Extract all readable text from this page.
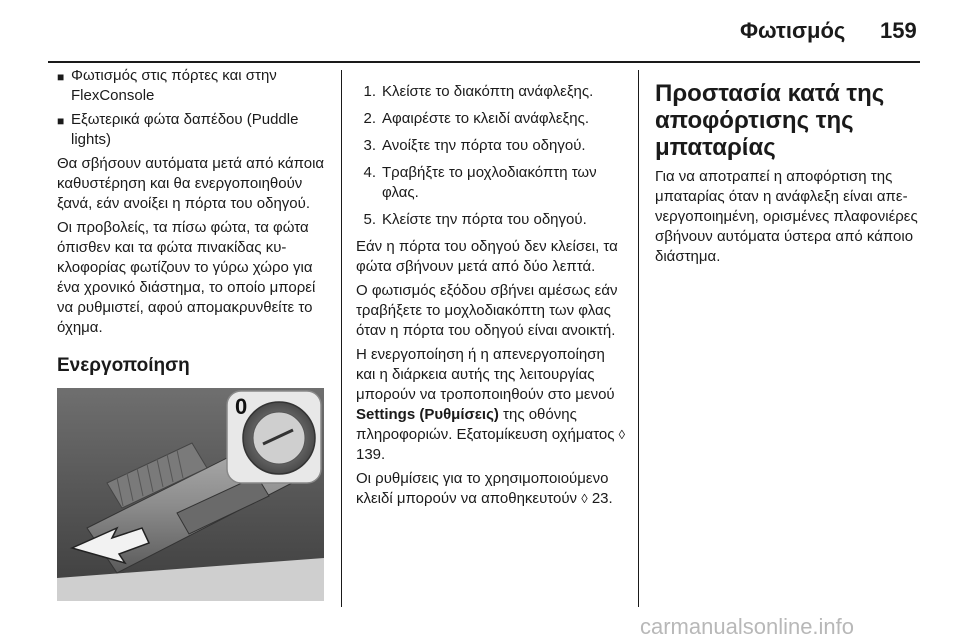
Φωτισμός 159
■ Φωτισμός στις πόρτες και στην FlexConsole
■ Εξωτερικά φώτα δαπέδου (Puddle lights)

Θα σβήσουν αυτόματα μετά από κάποια καθυστέρηση και θα ενεργοποιηθούν ξανά, εάν ανοίξει η πόρτα του οδηγού.

Οι προβολείς, τα πίσω φώτα, τα φώτα όπισθεν και τα φώτα πινακίδας κυκλοφορίας φωτίζουν το γύρω χώρο για ένα χρονικό διάστημα, το οποίο μπορεί να ρυθμιστεί, αφού απομακρυνθείτε το όχημα.

Ενεργοποίηση
0
1. Κλείστε το διακόπτη ανάφλεξης.
2. Αφαιρέστε το κλειδί ανάφλεξης.
3. Ανοίξτε την πόρτα του οδηγού.
4. Τραβήξτε το μοχλοδιακόπτη των φλας.
5. Κλείστε την πόρτα του οδηγού.

Εάν η πόρτα του οδηγού δεν κλείσει, τα φώτα σβήνουν μετά από δύο λεπτά.

Ο φωτισμός εξόδου σβήνει αμέσως εάν τραβήξετε το μοχλοδιακόπτη των φλας όταν η πόρτα του οδηγού είναι ανοικτή.

Η ενεργοποίηση ή η απενεργοποίηση και η διάρκεια αυτής της λειτουργίας μπορούν να τροποποιηθούν στο μενού Settings (Ρυθμίσεις) της οθόνης πληροφοριών. Εξατομίκευση οχήματος ◊ 139.

Οι ρυθμίσεις για το χρησιμοποιούμενο κλειδί μπορούν να αποθηκευτούν ◊ 23.

Προστασία κατά της αποφόρτισης της μπαταρίας

Για να αποτραπεί η αποφόρτιση της μπαταρίας όταν η ανάφλεξη είναι απενεργοποιημένη, ορισμένες πλαφονιέρες σβήνουν αυτόματα ύστερα από κάποιο διάστημα.

carmanualsonline.info
